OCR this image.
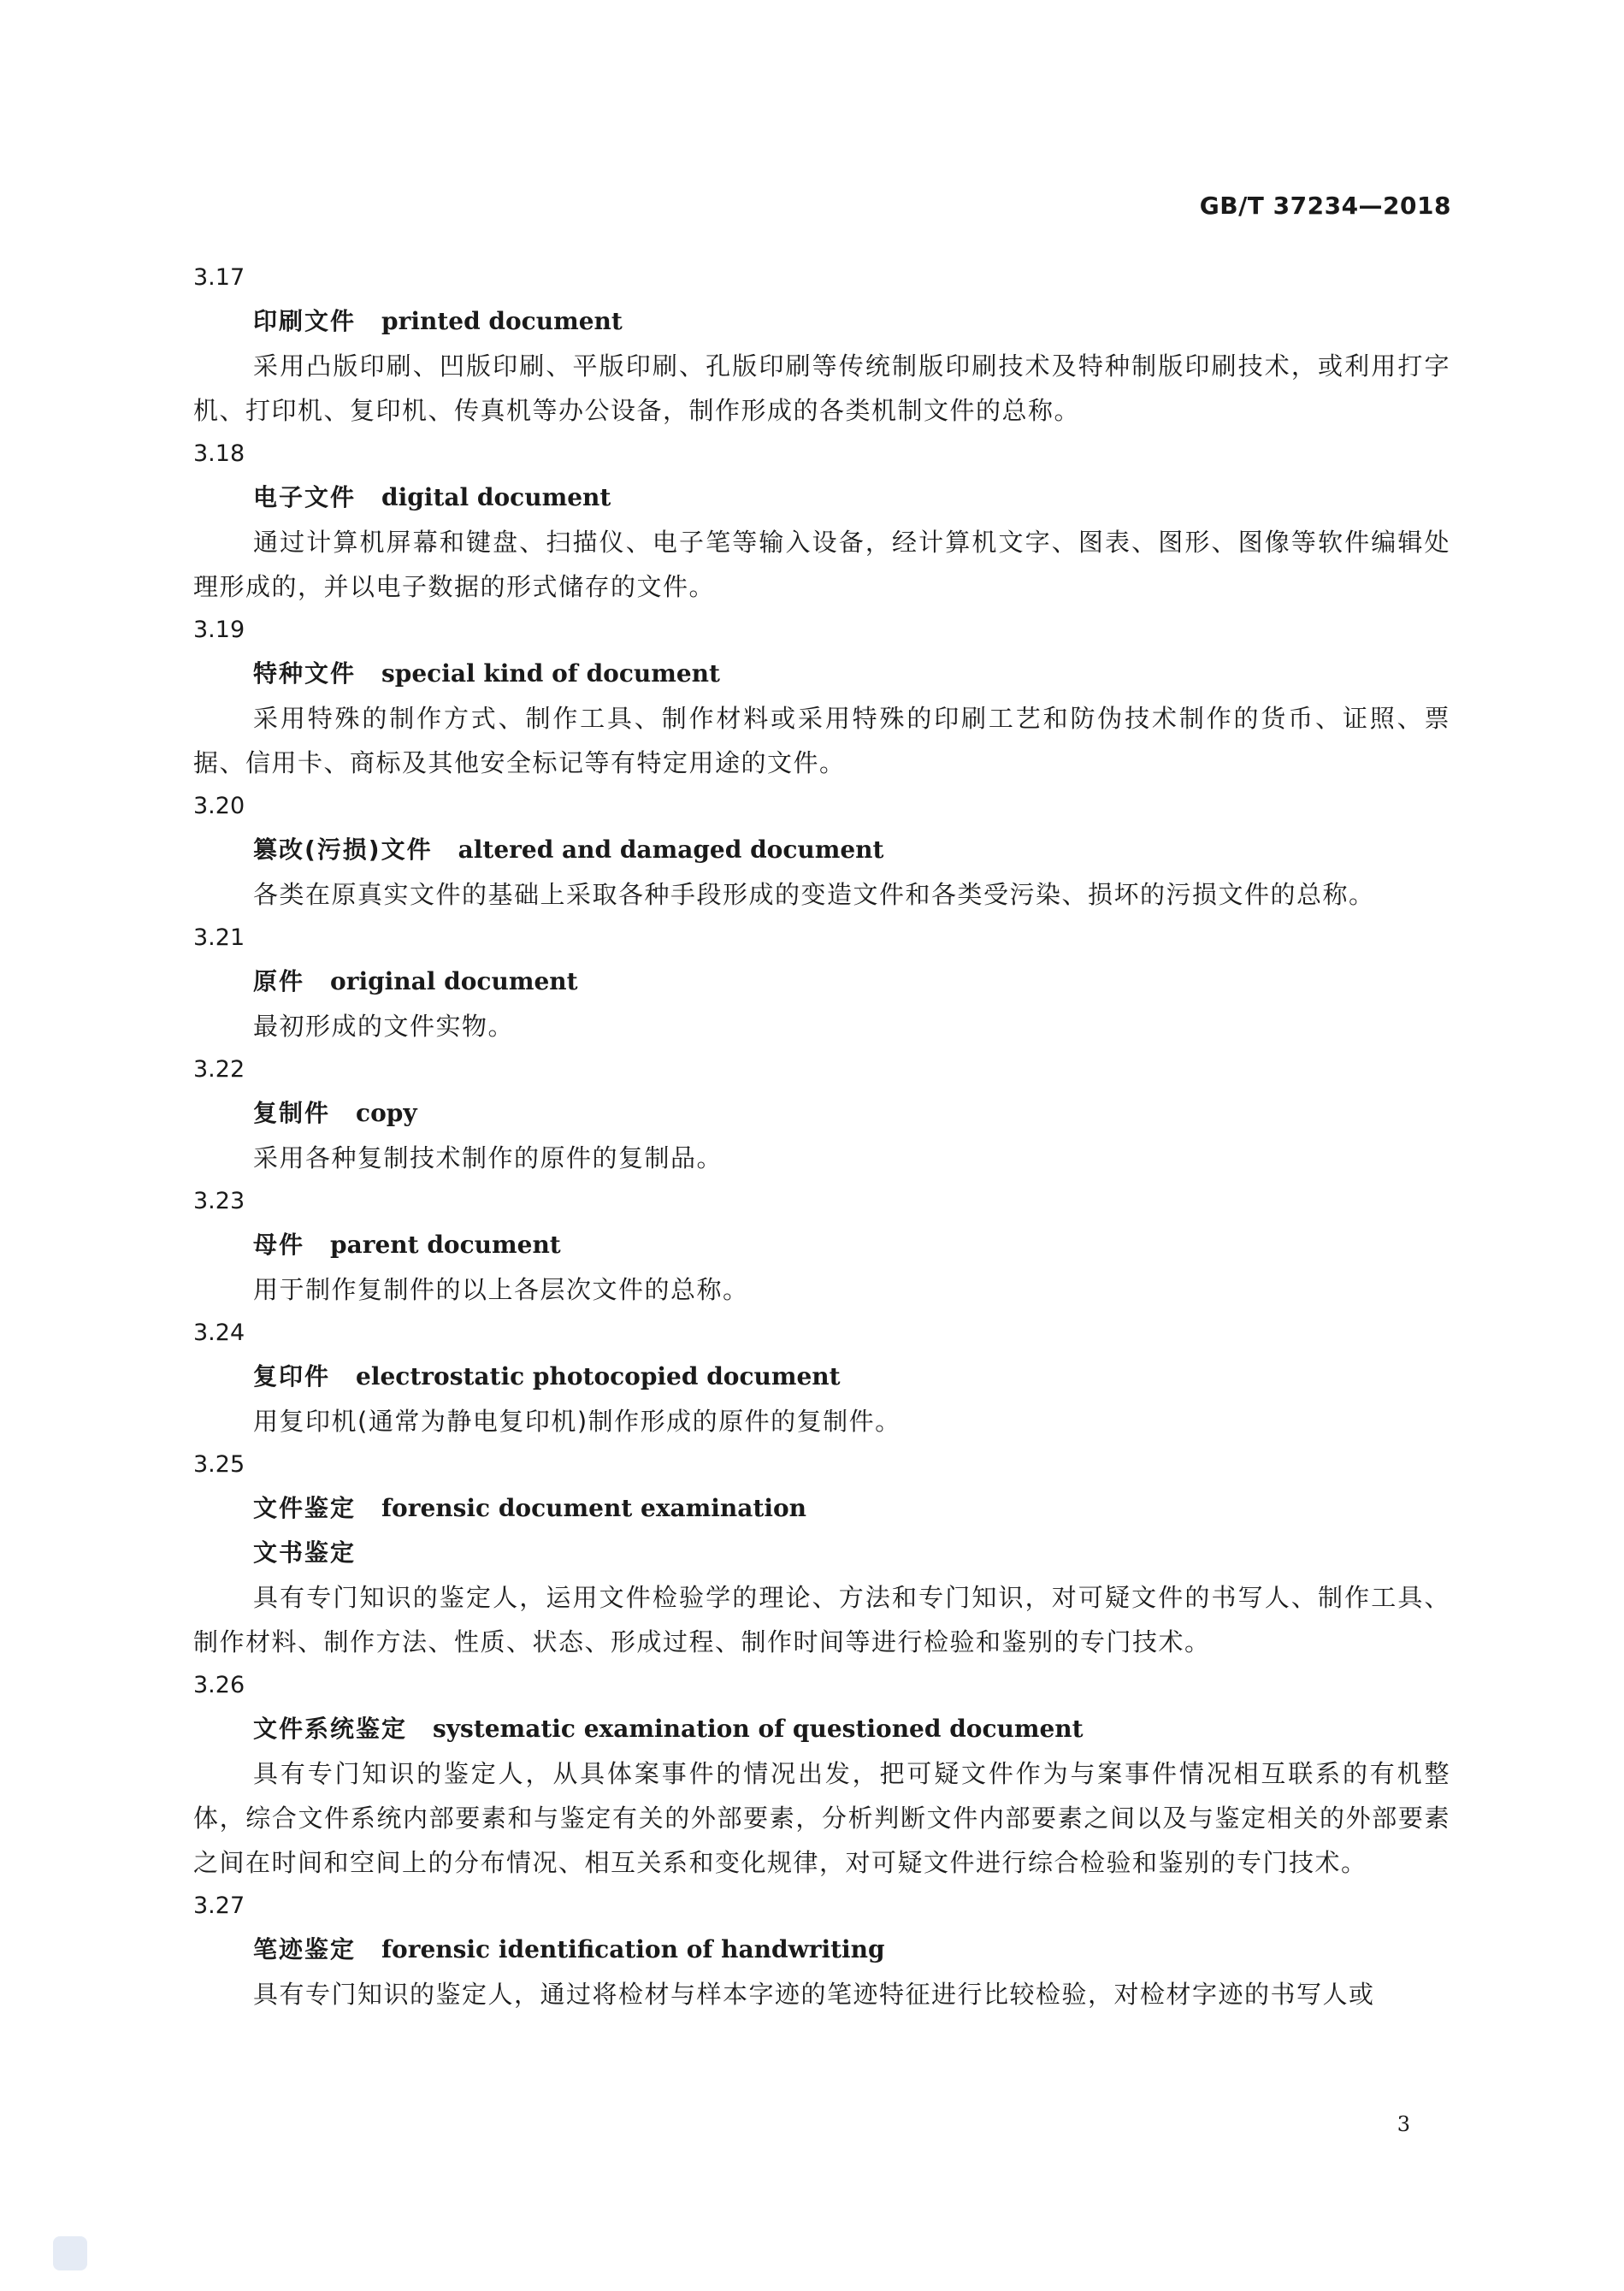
GB/T 37234—2018
3.17
印刷文件 printed document

采用凸版印刷、凹版印刷、平版印刷、孔版印刷等传统制版印刷技术及特种制版印刷技术，或利用打字机、打印机、复印机、传真机等办公设备，制作形成的各类机制文件的总称。

3.18
电子文件 digital document

通过计算机屏幕和键盘、扫描仪、电子笔等输入设备，经计算机文字、图表、图形、图像等软件编辑处理形成的，并以电子数据的形式储存的文件。

3.19
特种文件 special kind of document

采用特殊的制作方式、制作工具、制作材料或采用特殊的印刷工艺和防伪技术制作的货币、证照、票据、信用卡、商标及其他安全标记等有特定用途的文件。

3.20
篡改(污损)文件 altered and damaged document

各类在原真实文件的基础上采取各种手段形成的变造文件和各类受污染、损坏的污损文件的总称。

3.21
原件 original document

最初形成的文件实物。

3.22
复制件 copy

采用各种复制技术制作的原件的复制品。

3.23
母件 parent document

用于制作复制件的以上各层次文件的总称。

3.24
复印件 electrostatic photocopied document

用复印机(通常为静电复印机)制作形成的原件的复制件。

3.25
文件鉴定 forensic document examination
文书鉴定

具有专门知识的鉴定人，运用文件检验学的理论、方法和专门知识，对可疑文件的书写人、制作工具、制作材料、制作方法、性质、状态、形成过程、制作时间等进行检验和鉴别的专门技术。

3.26
文件系统鉴定 systematic examination of questioned document

具有专门知识的鉴定人，从具体案事件的情况出发，把可疑文件作为与案事件情况相互联系的有机整体，综合文件系统内部要素和与鉴定有关的外部要素，分析判断文件内部要素之间以及与鉴定相关的外部要素之间在时间和空间上的分布情况、相互关系和变化规律，对可疑文件进行综合检验和鉴别的专门技术。

3.27
笔迹鉴定 forensic identification of handwriting

具有专门知识的鉴定人，通过将检材与样本字迹的笔迹特征进行比较检验，对检材字迹的书写人或

3
